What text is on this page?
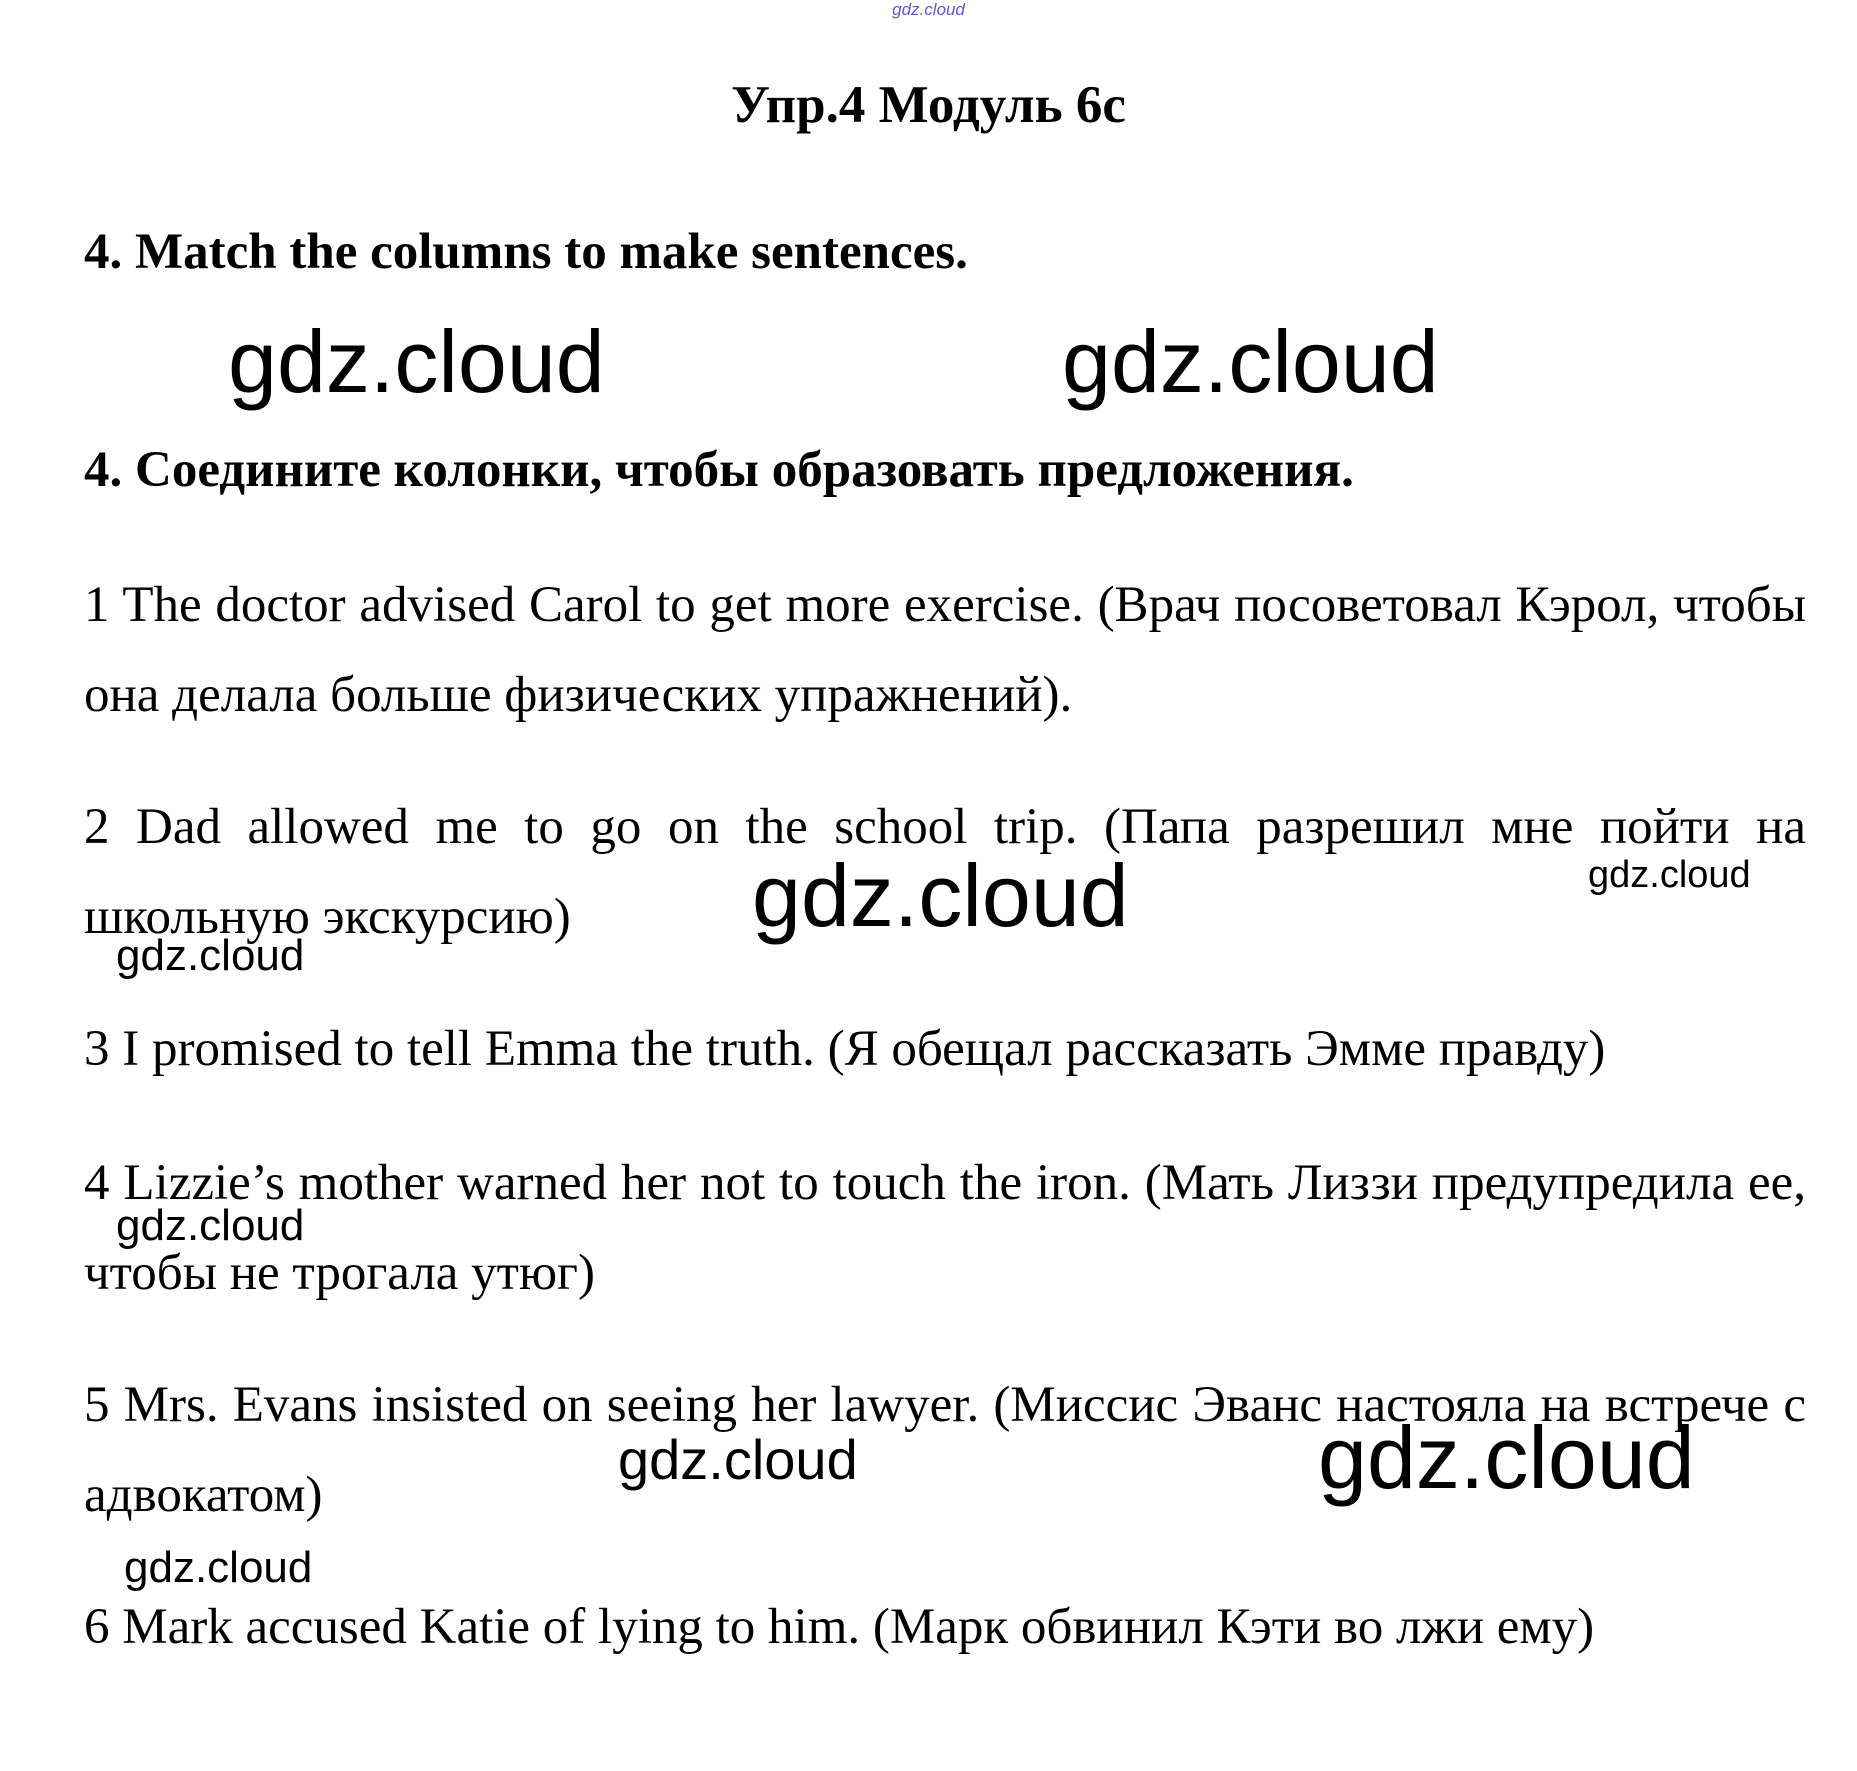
gdz.cloud
Упр.4 Модуль 6с

4. Match the columns to make sentences.

gdz.cloud	gdz.cloud

4. Соедините колонки, чтобы образовать предложения.

1 The doctor advised Carol to get more exercise. (Врач посоветовал Кэрол, чтобы она делала больше физических упражнений).

2 Dad allowed me to go on the school trip. (Папа разрешил мне пойти на школьную экскурсию)

3 I promised to tell Emma the truth. (Я обещал рассказать Эмме правду)

4 Lizzie’s mother warned her not to touch the iron. (Мать Лиззи предупредила ее, чтобы не трогала утюг)

5 Mrs. Evans insisted on seeing her lawyer. (Миссис Эванс настояла на встрече с адвокатом)

6 Mark accused Katie of lying to him. (Марк обвинил Кэти во лжи ему)

gdz.cloud	gdz.cloud
gdz.cloud
gdz.cloud
gdz.cloud	gdz.cloud
gdz.cloud
